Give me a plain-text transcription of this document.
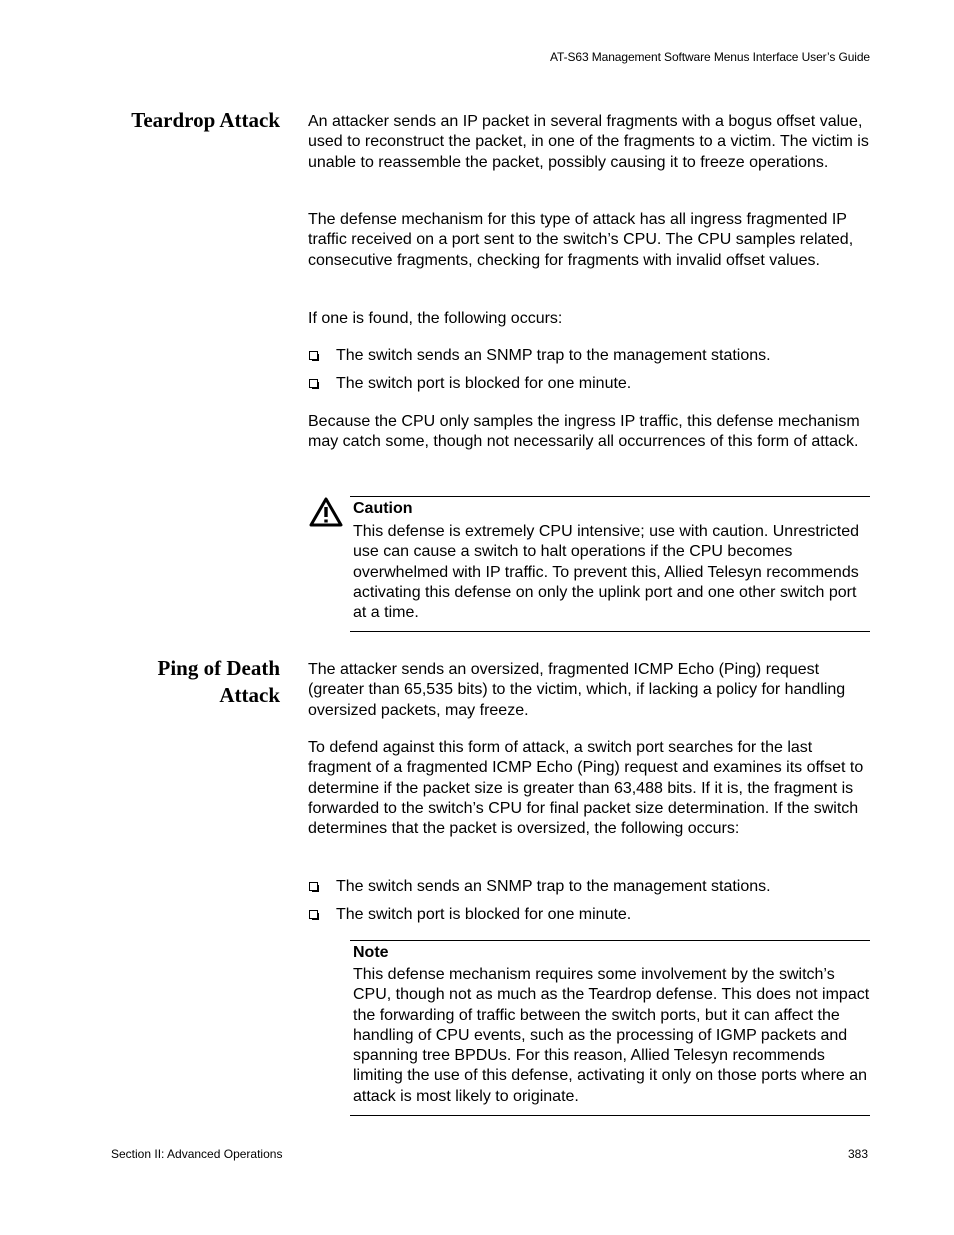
AT-S63 Management Software Menus Interface User’s Guide
Section II: Advanced Operations	383
Teardrop Attack An attacker sends an IP packet in several fragments with a bogus offset value, used to reconstruct the packet, in one of the fragments to a victim. The victim is unable to reassemble the packet, possibly causing it to freeze operations.

The defense mechanism for this type of attack has all ingress fragmented IP traffic received on a port sent to the switch’s CPU. The CPU samples related, consecutive fragments, checking for fragments with invalid offset values.

If one is found, the following occurs:

The switch sends an SNMP trap to the management stations.
The switch port is blocked for one minute.

Because the CPU only samples the ingress IP traffic, this defense mechanism may catch some, though not necessarily all occurrences of this form of attack.

Caution
This defense is extremely CPU intensive; use with caution. Unrestricted use can cause a switch to halt operations if the CPU becomes overwhelmed with IP traffic. To prevent this, Allied Telesyn recommends activating this defense on only the uplink port and one other switch port at a time.
Ping of Death
Attack

The attacker sends an oversized, fragmented ICMP Echo (Ping) request (greater than 65,535 bits) to the victim, which, if lacking a policy for handling oversized packets, may freeze.

To defend against this form of attack, a switch port searches for the last fragment of a fragmented ICMP Echo (Ping) request and examines its offset to determine if the packet size is greater than 63,488 bits. If it is, the fragment is forwarded to the switch’s CPU for final packet size determination. If the switch determines that the packet is oversized, the following occurs:

The switch sends an SNMP trap to the management stations.
The switch port is blocked for one minute.
Note
This defense mechanism requires some involvement by the switch’s CPU, though not as much as the Teardrop defense. This does not impact the forwarding of traffic between the switch ports, but it can affect the handling of CPU events, such as the processing of IGMP packets and spanning tree BPDUs. For this reason, Allied Telesyn recommends limiting the use of this defense, activating it only on those ports where an attack is most likely to originate.
